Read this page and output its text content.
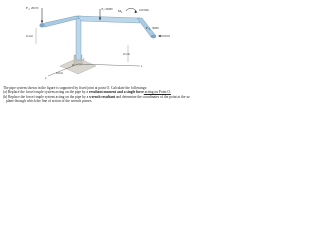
F 1 200 N	F₂=300N M 1	100 Nm
F 3 300N
0.4 m
x
z
y
O
0.6 m
0.5 m

The pipe system shown in the figure is supported by fixed joint at point O. Calculate the followings:

(a) Replace the force/couple system acting on the pipe by a resultant moment and a single force acting on Point O.

(b) Replace the force/couple system acting on the pipe by a wrench resultant and determine the coordinates of the point at the xz plane through which the line of action of the wrench passes.
